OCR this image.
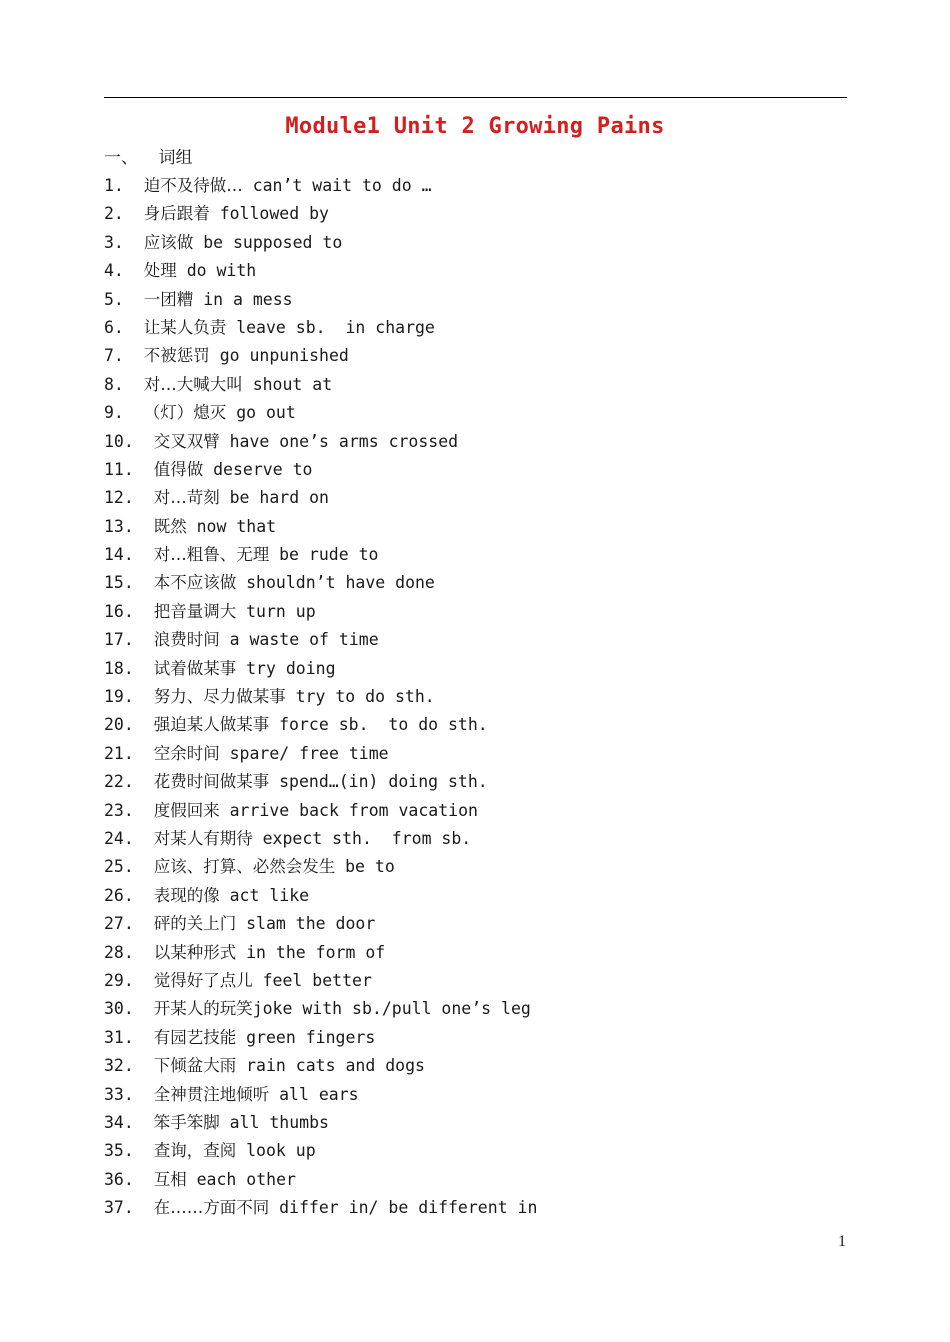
Module1 Unit 2 Growing Pains
一、  词组
1. 迫不及待做… can’t wait to do …
2. 身后跟着 followed by
3. 应该做 be supposed to
4. 处理 do with
5. 一团糟 in a mess
6. 让某人负责 leave sb.  in charge
7. 不被惩罚 go unpunished
8. 对…大喊大叫 shout at
9. （灯）熄灭 go out
10. 交叉双臂 have one’s arms crossed
11. 值得做 deserve to
12. 对…苛刻 be hard on
13. 既然 now that
14. 对…粗鲁、无理 be rude to
15. 本不应该做 shouldn’t have done
16. 把音量调大 turn up
17. 浪费时间 a waste of time
18. 试着做某事 try doing
19. 努力、尽力做某事 try to do sth.
20. 强迫某人做某事 force sb.  to do sth.
21. 空余时间 spare/ free time
22. 花费时间做某事 spend…(in) doing sth.
23. 度假回来 arrive back from vacation
24. 对某人有期待 expect sth.  from sb.
25. 应该、打算、必然会发生 be to
26. 表现的像 act like
27. 砰的关上门 slam the door
28. 以某种形式 in the form of
29. 觉得好了点儿 feel better
30. 开某人的玩笑joke with sb./pull one’s leg
31. 有园艺技能 green fingers
32. 下倾盆大雨 rain cats and dogs
33. 全神贯注地倾听 all ears
34. 笨手笨脚 all thumbs
35. 查询，查阅 look up
36. 互相 each other
37. 在……方面不同 differ in/ be different in
1
